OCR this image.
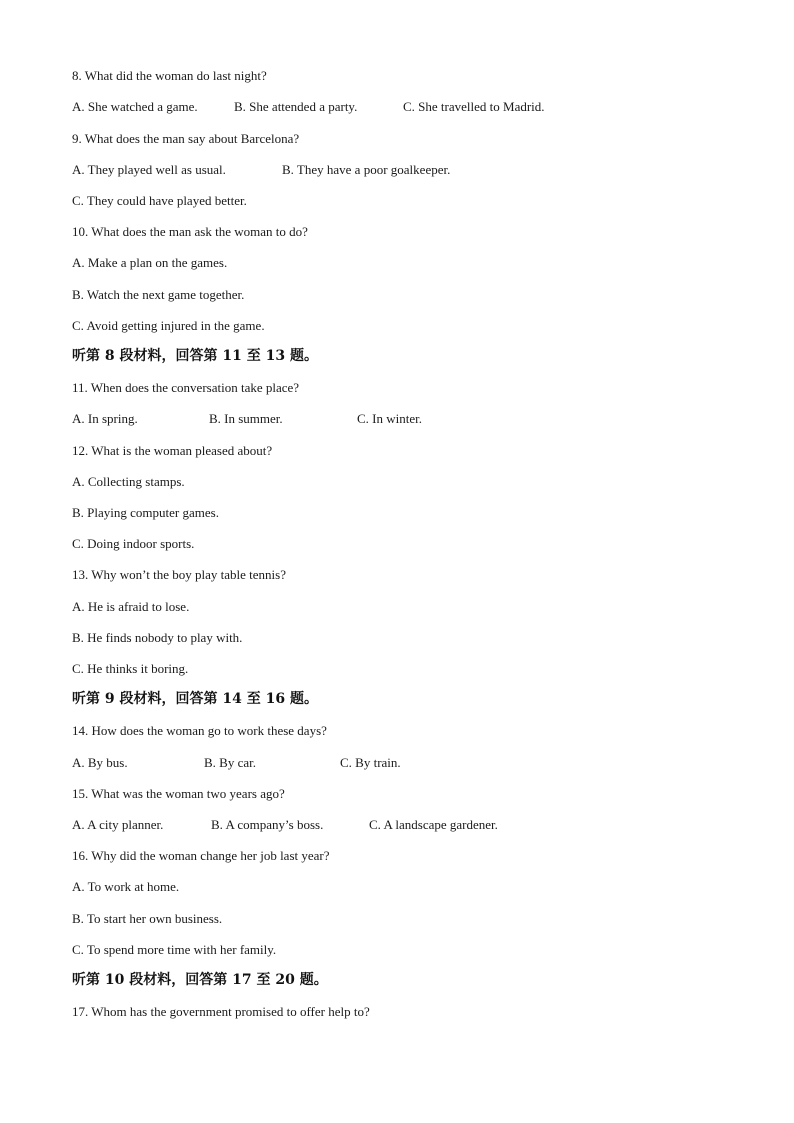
8. What did the woman do last night?
A. She watched a game.	B. She attended a party.	C. She travelled to Madrid.
9. What does the man say about Barcelona?
A. They played well as usual.	B. They have a poor goalkeeper.
C. They could have played better.
10. What does the man ask the woman to do?
A. Make a plan on the games.
B. Watch the next game together.
C. Avoid getting injured in the game.
听第 8 段材料，回答第 11 至 13 题。
11. When does the conversation take place?
A. In spring.	B. In summer.	C. In winter.
12. What is the woman pleased about?
A. Collecting stamps.
B. Playing computer games.
C. Doing indoor sports.
13. Why won’t the boy play table tennis?
A. He is afraid to lose.
B. He finds nobody to play with.
C. He thinks it boring.
听第 9 段材料，回答第 14 至 16 题。
14. How does the woman go to work these days?
A. By bus.	B. By car.	C. By train.
15. What was the woman two years ago?
A. A city planner.	B. A company’s boss.	C. A landscape gardener.
16. Why did the woman change her job last year?
A. To work at home.
B. To start her own business.
C. To spend more time with her family.
听第 10 段材料，回答第 17 至 20 题。
17. Whom has the government promised to offer help to?
